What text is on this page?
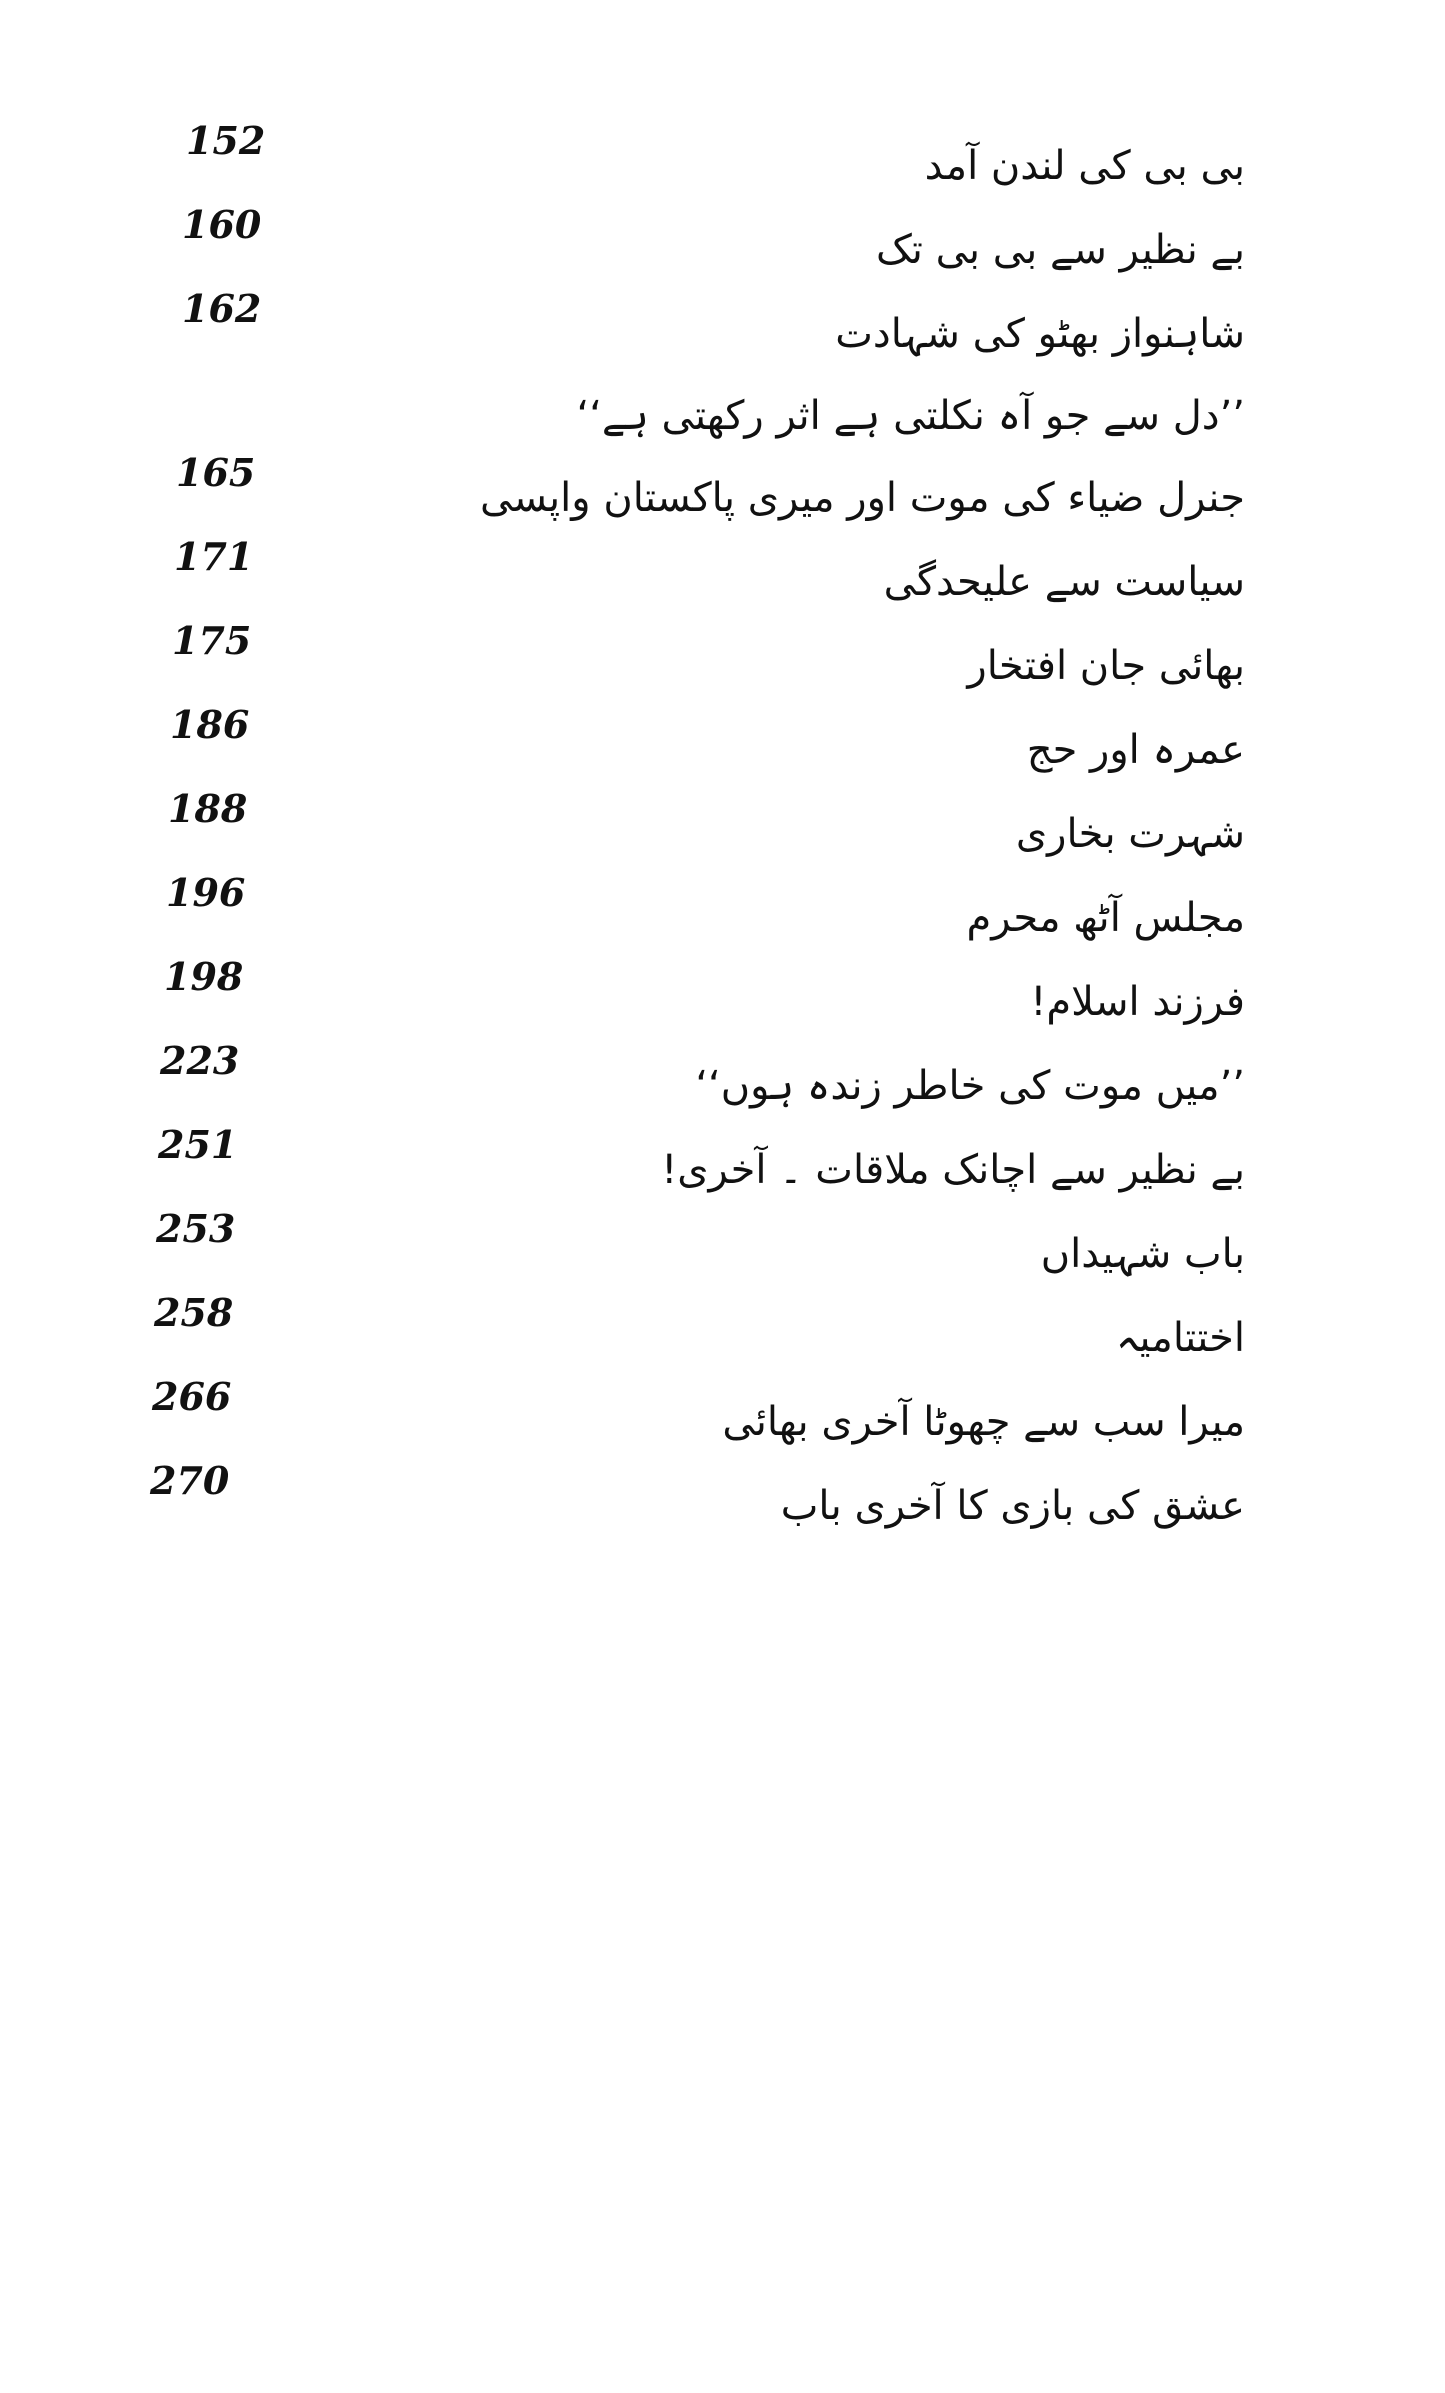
152
بی بی کی لندن آمد
160
بے نظیر سے بی بی تک
162
شاہنواز بھٹو کی شہادت
’’دل سے جو آہ نکلتی ہے اثر رکھتی ہے‘‘
165
جنرل ضیاء کی موت اور میری پاکستان واپسی
171
سیاست سے علیحدگی
175
بھائی جان افتخار
186
عمرہ اور حج
188
شہرت بخاری
196
مجلس آٹھ محرم
198
فرزند اسلام!
223
’’میں موت کی خاطر زندہ ہوں‘‘
251
بے نظیر سے اچانک ملاقات ۔ آخری!
253
باب شہیداں
258
اختتامیہ
266
میرا سب سے چھوٹا آخری بھائی
270
عشق کی بازی کا آخری باب
